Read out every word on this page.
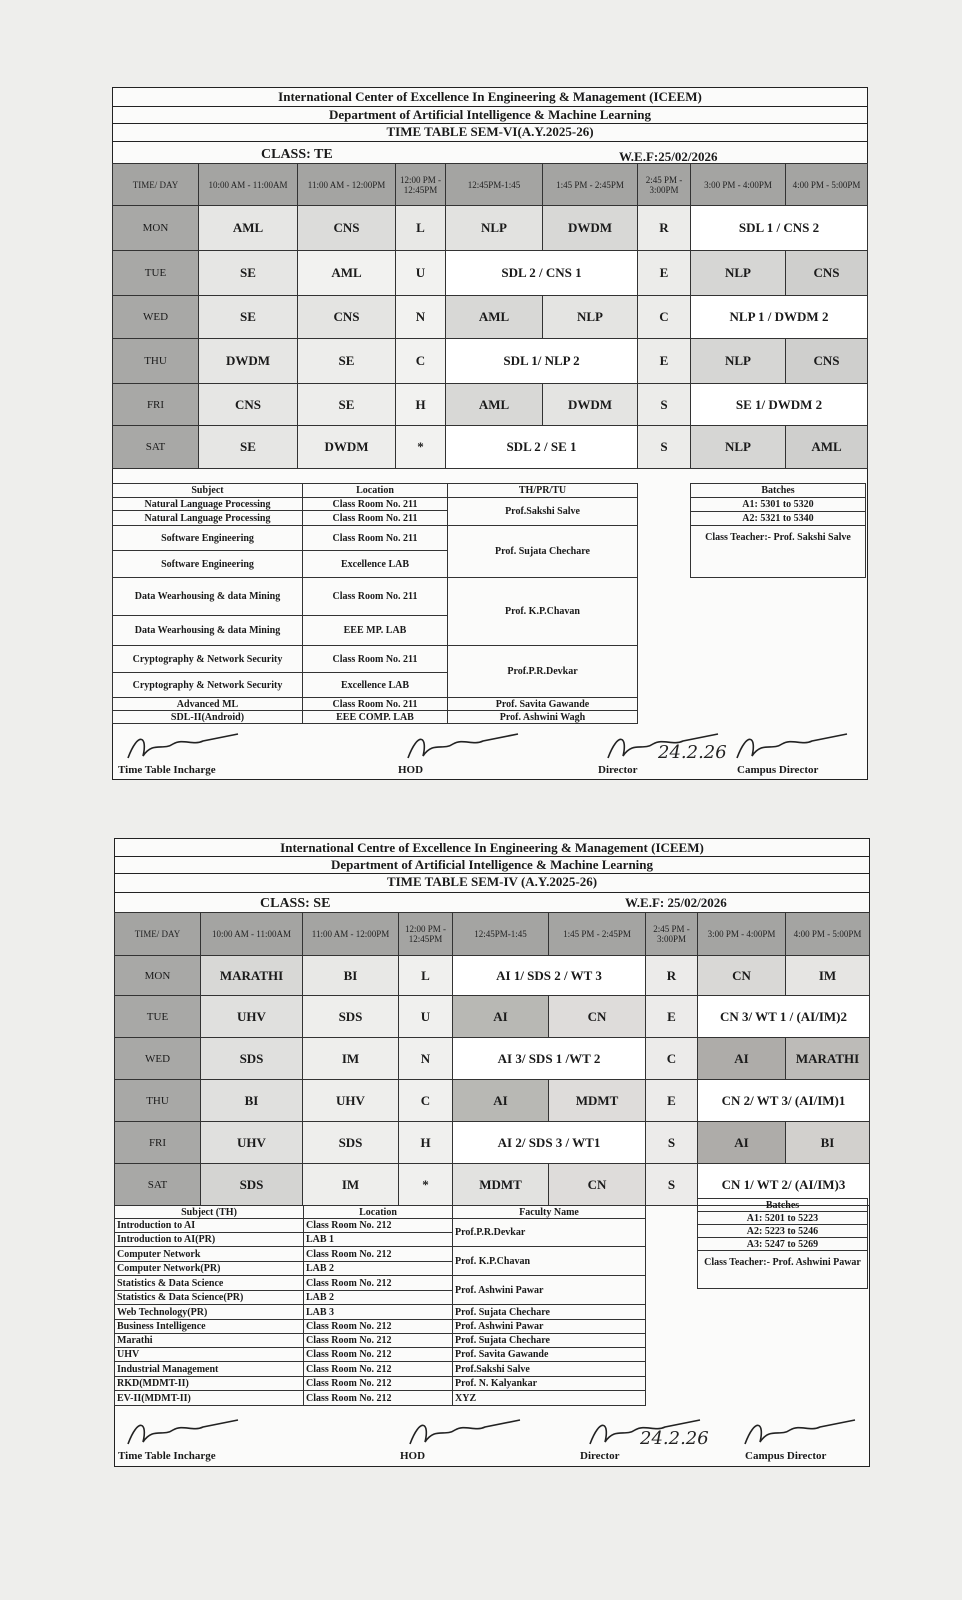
International Center of Excellence In Engineering & Management (ICEEM)
Department of Artificial Intelligence & Machine Learning
TIME TABLE SEM-VI(A.Y.2025-26)
CLASS: TE	W.E.F:25/02/2026
TIME/ DAY	10:00 AM - 11:00AM	11:00 AM - 12:00PM	12:00 PM - 12:45PM	12:45PM-1:45	1:45 PM - 2:45PM	2:45 PM - 3:00PM	3:00 PM - 4:00PM	4:00 PM - 5:00PM
MON	AML	CNS	L	NLP	DWDM	R	SDL 1 / CNS 2	
TUE	SE	AML	U	SDL 2 / CNS 1		E	NLP	CNS
WED	SE	CNS	N	AML	NLP	C	NLP 1 / DWDM 2	
THU	DWDM	SE	C	SDL 1/ NLP 2		E	NLP	CNS
FRI	CNS	SE	H	AML	DWDM	S	SE 1/ DWDM 2	
SAT	SE	DWDM	*	SDL 2 / SE 1		S	NLP	AML
Subject	Location	TH/PR/TU
Natural Language Processing	Class Room No. 211	Prof.Sakshi Salve
Natural Language Processing	Class Room No. 211	
Software Engineering	Class Room No. 211	Prof. Sujata Chechare
Software Engineering	Excellence LAB	
Data Wearhousing & data Mining	Class Room No. 211	Prof. K.P.Chavan
Data Wearhousing & data Mining	EEE MP. LAB	
Cryptography & Network Security	Class Room No. 211	Prof.P.R.Devkar
Cryptography & Network Security	Excellence LAB	
Advanced ML	Class Room No. 211	Prof. Savita Gawande
SDL-II(Android)	EEE COMP. LAB	Prof. Ashwini Wagh
Batches
A1: 5301 to 5320
A2: 5321 to 5340
Class Teacher:- Prof. Sakshi Salve
Time Table Incharge	HOD	Director	Campus Director
24.2.26
International Centre of Excellence In Engineering & Management (ICEEM)
Department of Artificial Intelligence & Machine Learning
TIME TABLE SEM-IV (A.Y.2025-26)
CLASS: SE	W.E.F: 25/02/2026
TIME/ DAY	10:00 AM - 11:00AM	11:00 AM - 12:00PM	12:00 PM - 12:45PM	12:45PM-1:45	1:45 PM - 2:45PM	2:45 PM - 3:00PM	3:00 PM - 4:00PM	4:00 PM - 5:00PM
MON	MARATHI	BI	L	AI 1/ SDS 2 / WT 3		R	CN	IM
TUE	UHV	SDS	U	AI	CN	E	CN 3/ WT 1 / (AI/IM)2	
WED	SDS	IM	N	AI 3/ SDS 1 /WT 2		C	AI	MARATHI
THU	BI	UHV	C	AI	MDMT	E	CN 2/ WT 3/ (AI/IM)1	
FRI	UHV	SDS	H	AI 2/ SDS 3 / WT1		S	AI	BI
SAT	SDS	IM	*	MDMT	CN	S	CN 1/ WT 2/ (AI/IM)3	
Subject (TH)	Location	Faculty Name
Introduction to AI	Class Room No. 212	Prof.P.R.Devkar
Introduction to AI(PR)	LAB 1	
Computer Network	Class Room No. 212	Prof. K.P.Chavan
Computer Network(PR)	LAB 2	
Statistics & Data Science	Class Room No. 212	Prof. Ashwini Pawar
Statistics & Data Science(PR)	LAB 2	
Web Technology(PR)	LAB 3	Prof. Sujata Chechare
Business Intelligence	Class Room No. 212	Prof. Ashwini Pawar
Marathi	Class Room No. 212	Prof. Sujata Chechare
UHV	Class Room No. 212	Prof. Savita Gawande
Industrial Management	Class Room No. 212	Prof.Sakshi Salve
RKD(MDMT-II)	Class Room No. 212	Prof. N. Kalyankar
EV-II(MDMT-II)	Class Room No. 212	XYZ
Batches
A1: 5201 to 5223
A2: 5223 to 5246
A3: 5247 to 5269
Class Teacher:- Prof. Ashwini Pawar
Time Table Incharge	HOD	Director	Campus Director
24.2.26
